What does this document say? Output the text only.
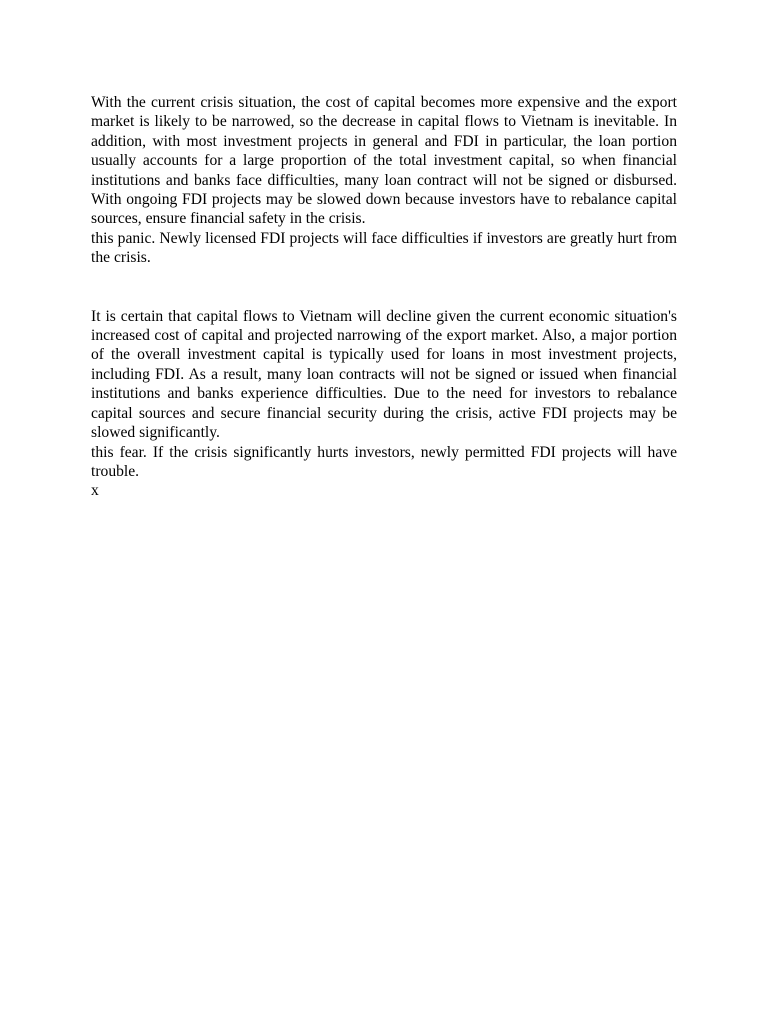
With the current crisis situation, the cost of capital becomes more expensive and the export market is likely to be narrowed, so the decrease in capital flows to Vietnam is inevitable. In addition, with most investment projects in general and FDI in particular, the loan portion usually accounts for a large proportion of the total investment capital, so when financial institutions and banks face difficulties, many loan contract will not be signed or disbursed. With ongoing FDI projects may be slowed down because investors have to rebalance capital sources, ensure financial safety in the crisis.

this panic. Newly licensed FDI projects will face difficulties if investors are greatly hurt from the crisis.

It is certain that capital flows to Vietnam will decline given the current economic situation's increased cost of capital and projected narrowing of the export market. Also, a major portion of the overall investment capital is typically used for loans in most investment projects, including FDI. As a result, many loan contracts will not be signed or issued when financial institutions and banks experience difficulties. Due to the need for investors to rebalance capital sources and secure financial security during the crisis, active FDI projects may be slowed significantly.

this fear. If the crisis significantly hurts investors, newly permitted FDI projects will have trouble.

x
